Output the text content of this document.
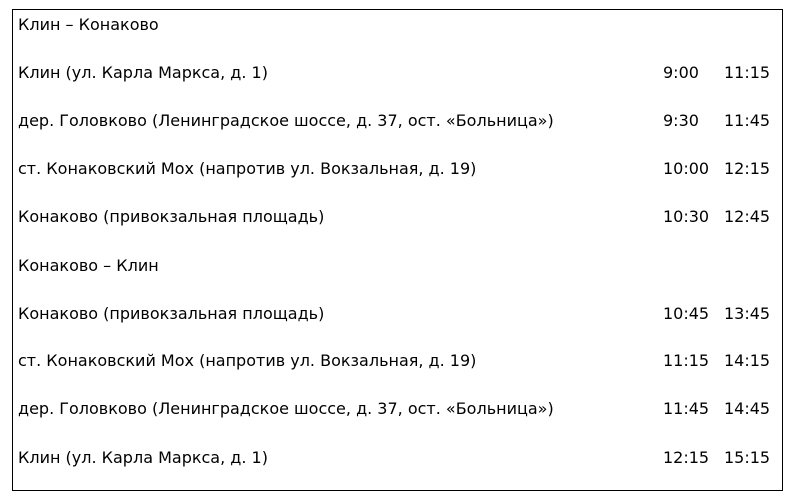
Клин – Конаково
Клин (ул. Карла Маркса, д. 1)	9:00	11:15
дер. Головково (Ленинградское шоссе, д. 37, ост. «Больница»)	9:30	11:45
ст. Конаковский Мох (напротив ул. Вокзальная, д. 19)	10:00 12:15
Конаково (привокзальная площадь)	10:30 12:45
Конаково – Клин
Конаково (привокзальная площадь)	10:45 13:45
ст. Конаковский Мох (напротив ул. Вокзальная, д. 19)	11:15 14:15
дер. Головково (Ленинградское шоссе, д. 37, ост. «Больница»)	11:45 14:45
Клин (ул. Карла Маркса, д. 1)	12:15 15:15
